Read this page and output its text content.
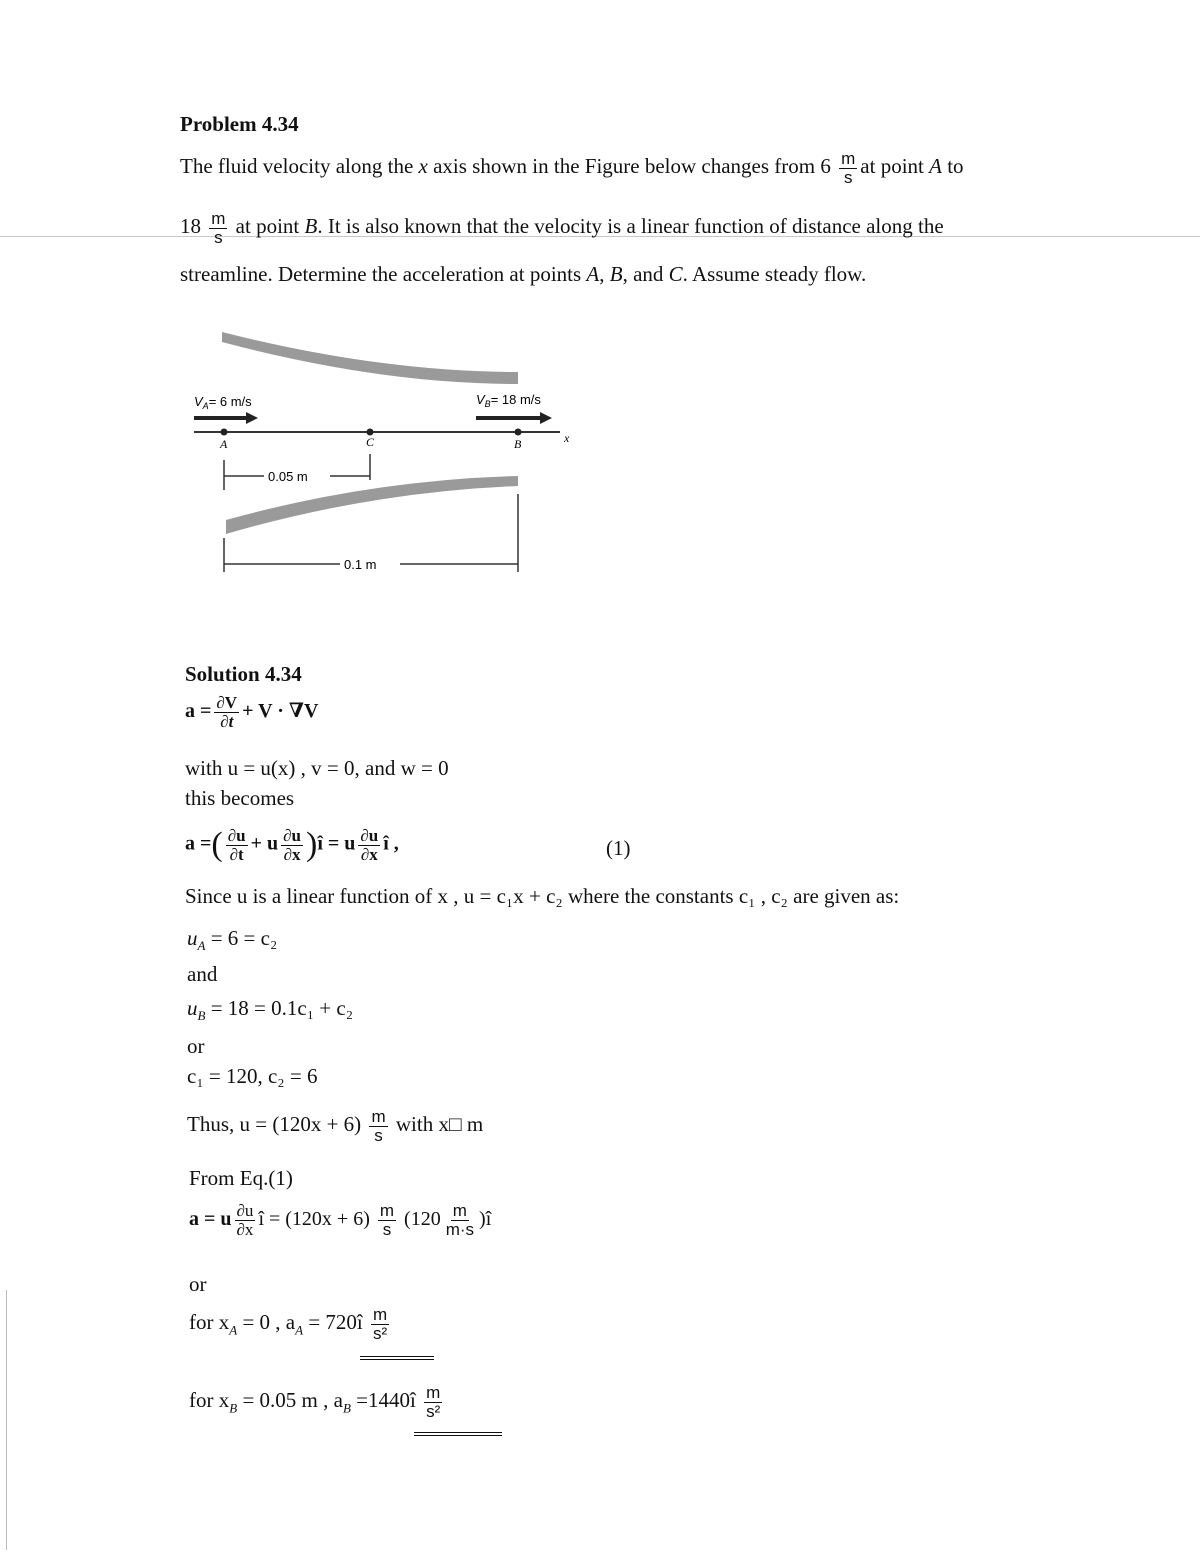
Problem 4.34
The fluid velocity along the x axis shown in the Figure below changes from $6 \frac{m}{s}$ at point A to
$18 \frac{m}{s}$ at point B. It is also known that the velocity is a linear function of distance along the
streamline. Determine the acceleration at points A, B, and C. Assume steady flow.
$V_A= 6$ m/s	$V_B= 18$ m/s
A	C	B	x
0.05 m
0.1 m
Solution 4.34
$a = \frac{\partial V}{\partial t} + V \cdot \nabla V$
with u = u(x) , v = 0, and w = 0
this becomes
a =( $\frac{\partial u}{\partial t} + u \frac{\partial u}{\partial x}$ )î = u $\frac{\partial u}{\partial x}$ î ,	(1)
Since u is a linear function of x , u = c₁x + c₂ where the constants c₁ , c₂ are given as:
$u_A = 6 = c_2$
and
$u_B = 18 = 0.1c_1 + c_2$
or
c₁ = 120, c₂ = 6
Thus, $u = (120x + 6) \frac{m}{s}$ with x□ m
From Eq.(1)
a = u $\frac{\partial u}{\partial x}$ î = $(120x + 6) \frac{m}{s} (120 \frac{m}{m\cdot s}$ )î
or
for $x_A = 0$ , $a_A$ = 720î $\frac{m}{\text{s²}}$
for $x_B = 0.05$ m , $a_B$ =1440î $\frac{m}{\text{s²}}$
